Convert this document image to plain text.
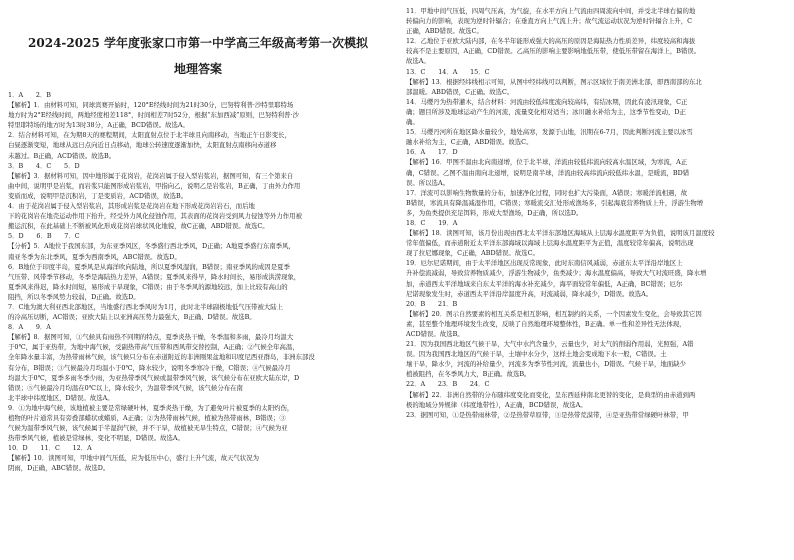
2024-2025 学年度张家口市第一中学高三年级高考第一次模拟
地理答案
1．A　　2．B
【解析】1．由材料可知，同球宾赛开始时，120°E经线时间为21时30分，巴努特利普·沙特里耶特场
地方时为2°E经线时间，两地经度相差118°，时间相差7时52分，根据“东加西减”原则，巴努特利普·沙
特里耶特场的地方时为13时38分，A正确，BCD错误。故选A。
2．结合材料可知，在为期8天的赛程期间，太阳直射点位于北半球且向南移动，当地正午日影变长，
白昼逐渐变短，地球从远日点向近日点移动，地球公转速度逐渐加快，太阳直射点南移向赤道移
未越过。B正确，ACD错误。故选B。
3．B　　4．C　　5．D
【解析】3．据材料可知，因中地形属于花岗岩，花岗岩属于侵入型岩浆岩，据图可知，有三个第来自
曲中间，说明甲是岩浆，而岩浆只能图形成岩浆岩，甲指向乙，说明乙是岩浆岩，B正确，丁由外力作用
变质而成，说明甲是沉积岩，丁是变质岩，ACD错误，故选B。
4．由于花岗岩属于侵入型岩浆岩，其形成岩浆是花岗岩在地下形成花岗岩岩石，而后地
下的花岗岩在地壳运动作用下抬升，经受外力风化侵蚀作用，其表面的花岗岩受到风力侵蚀等外力作用被
搬运沉积，在此基础上不断被风化形成花岗岩球状风化地貌，故C正确，ABD错误。故选C。
5．D　　6．B　　7．C
【分析】5．A地位于我国东部，为东亚季风区，冬季盛行西北季风，D正确；A地夏季盛行东南季风，
南亚冬季为东北季风，夏季为西南季风，ABC错误。故选D。
6．B地位于印度半岛，夏季风是从海洋吹向陆地，所以夏季风湿润，B错误；南亚季风的成因是夏季
气压带、风带季节移动，冬季是海陆热力差异，A错误；夏季风来得早，降水时间长，易形成洪涝现象，
夏季风来得迟，降水时间短，易形成干旱现象，C错误；由于冬季风的源地较远，加上比较有高山的
阻挡，所以冬季风势力较弱，D正确。故选D。
7．C地为澳大利亚西北部地区，当地盛行西北季风时为1月，此时北半球副极地低气压带被大陆上
的冷高压切断，AC错误；亚欧大陆上以亚洲高压势力最强大，B正确、D错误。故选B。
8．A　　9．A
【解析】8．据图可知，①气候具有雨热不同期的特点，夏季炎热干燥，冬季温和多雨，最冷月均温大
于0℃，属于亚热带，为地中海气候，受副热带高气压带和西风带交替控制，A正确；②气候全年高温，
全年降水量丰富，为热带雨林气候，该气候只分布在赤道附近的非洲刚果盆地和印度尼西亚群岛，非洲东部没
有分布，B错误；③气候最冷月均温小于0℃，降水较少，说明冬季寒冷干燥，C错误；④气候最冷月
均温大于0℃，夏季多雨冬季少雨，为亚热带季风气候或温带季风气候，该气候分布在亚欧大陆东岸，D
错误；⑤气候最冷月均温在0℃以上，降水较少，为温带季风气候，该气候分布在南
北半球中纬度地区，D错误。故选A。
9．①为地中海气候，该地植被主要是常绿硬叶林，夏季炎热干燥，为了避免叶片被夏季的太阳灼伤，
植物的叶片通常具有旁叠部蜡状或蜡质，A正确；②为热带雨林气候，植被为热带雨林，B错误；③
气候为温带季风气候，该气候属于半湿润气候，并不干旱，故植被无旱生特点，C错误；④气候为亚
热带季风气候，植被是常绿林，变化不明显，D错误。故选A。
10．D　　11．C　　12．A
【解析】10．读图可知，甲地中间气压低，应为低压中心，盛行上升气流，故天气状况为
阴雨，D正确，ABC错误。故选D。
11．甲地中间气压低，四周气压高，为气旋，在水平方向上气流由四周流向中间，并受北半球右偏的地
转偏向力的影响，表现为逆时针辐合；在垂直方向上气流上升；故气流运动状况为逆时针辐合上升，C
正确，ABD错误。故选C。
12．乙地位于亚欧大陆内部，在冬半年能形成强大的高压的原因是海陆热力性质差异，纬度较高和海拔
较高不是主要原因，A正确，CD错误。乙高压的影响主要影响地低压带，使低压带留在海洋上，B错误。
故选A。
13．C　　14．A　　15．C
【解析】13．根据经纬线相示可知，从图中经纬线可以判断，图示区域位于南美洲北部，即西南部的东北
部温暖。ABD错误，C正确。故选C。
14．马缨丹为热带灌木，结合材料：河流由较低纬度流向较高纬，有结冰期，因此有凌汛现象，C正
确；题目所涉及地球运动产生的河流，流量变化相对适当；冰川融水补给为主，这季节性变动，D正
确。
15．马缨丹河所在地区降水量较少，地处高寒，发源于山地，汛期在6-7月，因此判断河流主要以冰雪
融水补给为主，C正确，ABD错误。故选C。
16．A　　17．D
【解析】16．甲图不温由北向南递增，位于北半球，洋流由较低纬流向较高水温区域，为寒流，A正
确，C错误。乙图不温由南向北递增，说明是南半球，洋流由较高纬流向较低纬水温，是暖流，BD错
误。所以选A。
17．洋流可以影响生物数量的分布，加速净化过程，同时也扩大污染面，A错误；寒暖洋流相遇，故
B错误，寒流具有降温减湿作用，C错误；寒暖流交汇处形成渔场多，引起海底营养物质上升，浮游生物增
多，为鱼类提供充足饵料，形成大型渔场，D正确，所以选D。
18．C　　19．A
【解析】18．读图可知，该月份出现由西北太平洋东部地区海域从上层海水温度距平为负值，说明该月温度较
常年值偏低，而赤道附近太平洋东部海域以海域上层海水温度距平为正值，温度较常年偏高，说明出现
现了拉尼娜现象，C正确，ABD错误。故选C。
19．厄尔尼诺期间，由于太平洋地区出现反常现象，此时东南信风减弱，赤道东太平洋沿岸地区上
升补偿流减弱，导致营养物质减少，浮游生物减少，鱼类减少；海水温度偏高，导致大气对流旺盛，降水增
加，赤道西太平洋地域来自东太平洋的海水补充减少，海平面较常年偏低，A正确，BC错误；厄尔
尼诺现象发生时，赤道西太平洋沿岸温度升高，对流减弱，降水减少，D错误。故选A。
20．B　　21．B
【解析】20．图示自然要素的相互关系是相互影响，相互制约的关系，一个因素发生变化，会导致其它因
素，甚至整个地理环境发生改变，反映了自然地理环境整体性，B正确。单一性和差异性无法体现，
ACD错误。故选B。
21．因为我国西北地区气候干旱，大气中水汽含量少，云量也少，对太气的削弱作用弱，光照强，A错
误。因为我国西北地区的气候干旱，土壤中水分少，这样土地会变成地下水一般，C错误。土
壤干旱，降水少，河流的补给量少，河流多为季节性河流，流量也小，D错误。气候干旱，地面缺少
植被阻挡，在冬季风力大，B正确。故选B。
22．A　　23．B　　24．C
【解析】22．非洲自然带的分布随纬度变化而变化，呈东西延伸南北更替的变化，是典型的由赤道到两
极的地域分异规律（纬度地带性），A正确，BCD错误，故选A。
23．据图可知，①是热带雨林带，②是热带草原带，③是热带荒漠带，④是亚热带常绿硬叶林带，甲
